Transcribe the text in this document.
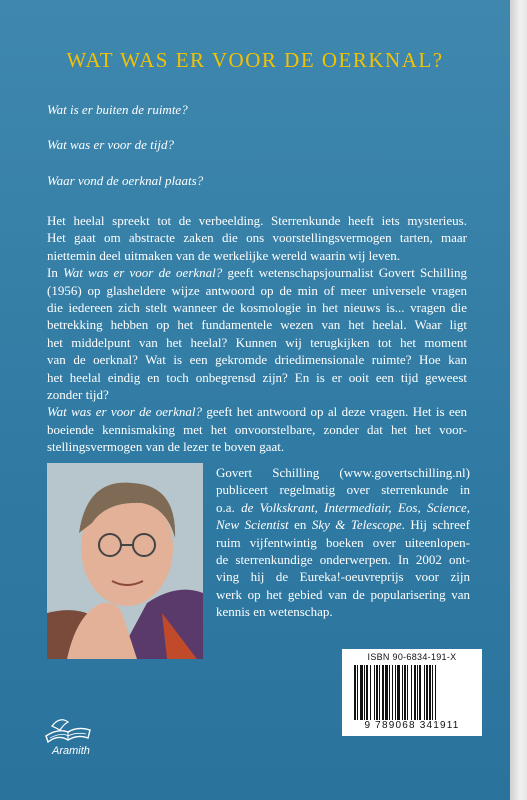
WAT WAS ER VOOR DE OERKNAL?
Wat is er buiten de ruimte?
Wat was er voor de tijd?
Waar vond de oerknal plaats?
Het heelal spreekt tot de verbeelding. Sterrenkunde heeft iets mysterieus.
Het gaat om abstracte zaken die ons voorstellingsvermogen tarten, maar
niettemin deel uitmaken van de werkelijke wereld waarin wij leven.
In Wat was er voor de oerknal? geeft wetenschapsjournalist Govert Schilling
(1956) op glasheldere wijze antwoord op de min of meer universele vragen
die iedereen zich stelt wanneer de kosmologie in het nieuws is... vragen die
betrekking hebben op het fundamentele wezen van het heelal. Waar ligt
het middelpunt van het heelal? Kunnen wij terugkijken tot het moment
van de oerknal? Wat is een gekromde driedimensionale ruimte? Hoe kan
het heelal eindig en toch onbegrensd zijn? En is er ooit een tijd geweest
zonder tijd?
Wat was er voor de oerknal? geeft het antwoord op al deze vragen. Het is een
boeiende kennismaking met het onvoorstelbare, zonder dat het het voor-
stellingsvermogen van de lezer te boven gaat.
Govert Schilling (www.govertschilling.nl)
publiceert regelmatig over sterrenkunde in
o.a. de Volkskrant, Intermediair, Eos, Science,
New Scientist en Sky & Telescope. Hij schreef
ruim vijfentwintig boeken over uiteenlopen-
de sterrenkundige onderwerpen. In 2002 ont-
ving hij de Eureka!-oeuvreprijs voor zijn
werk op het gebied van de popularisering van
kennis en wetenschap.
ISBN 90-6834-191-X
9 789068 341911
Aramith
